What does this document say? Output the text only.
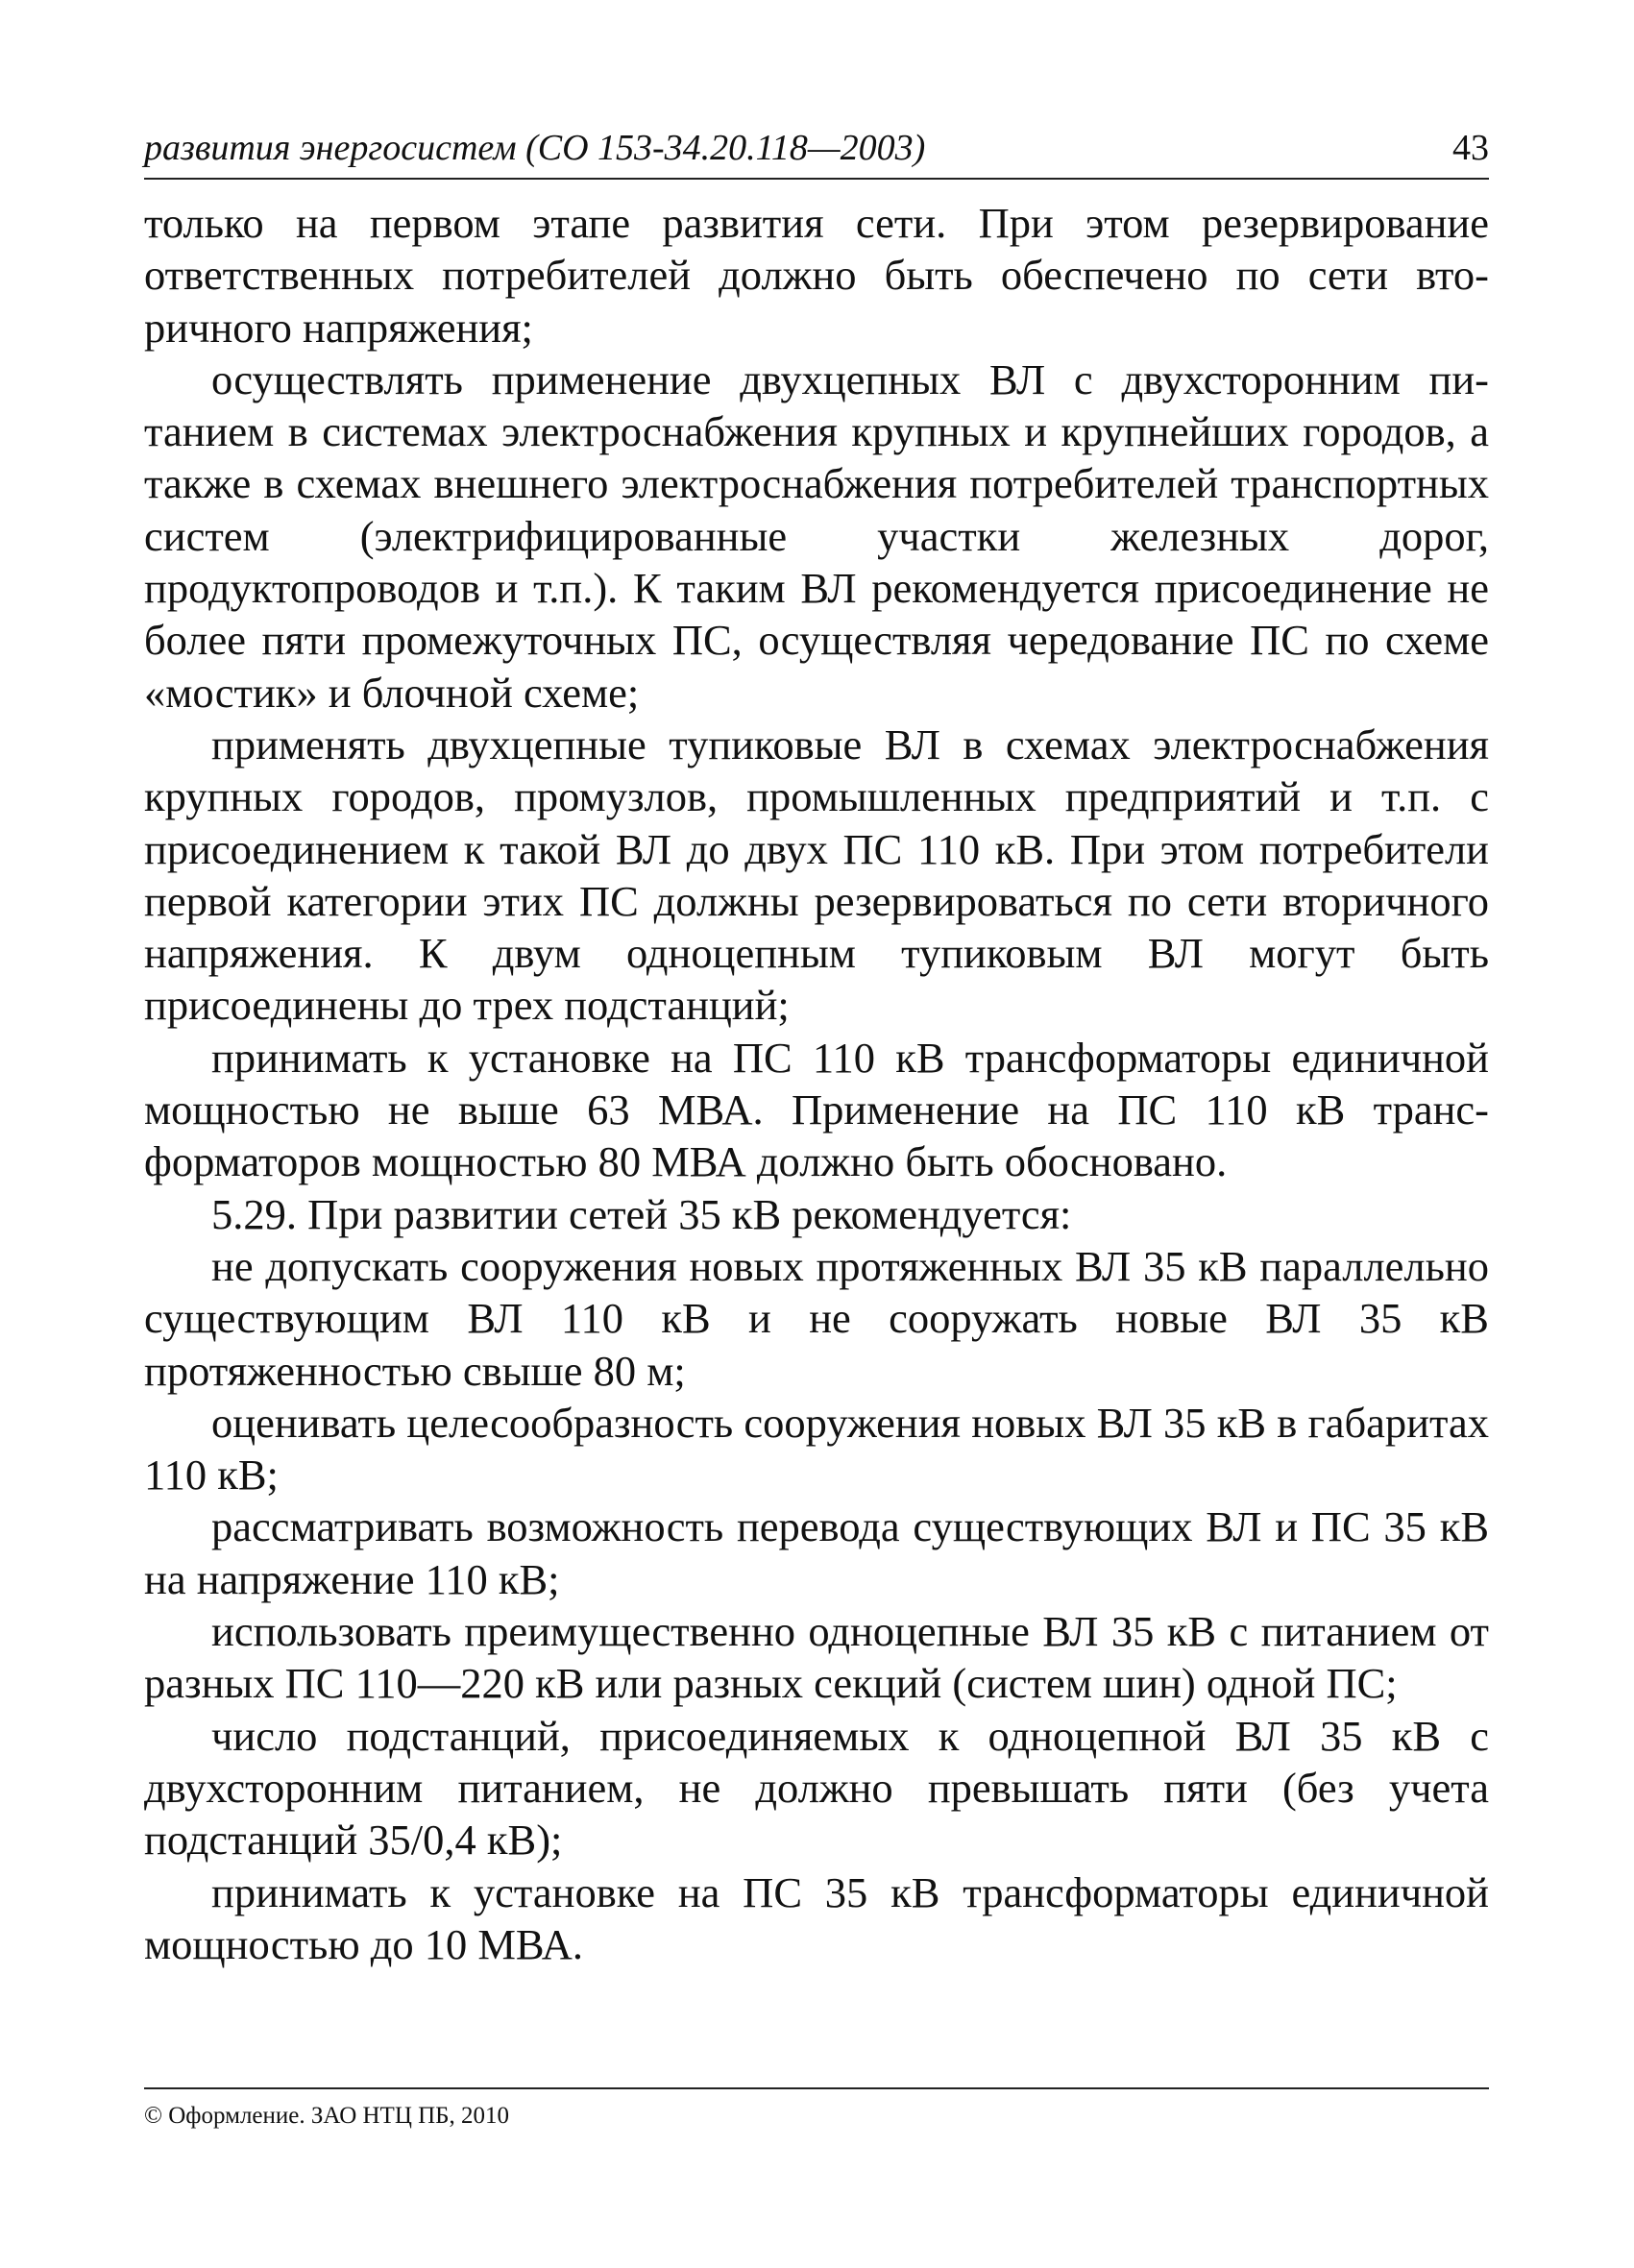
развития энергосистем (СО 153-34.20.118—2003)	43

только на первом этапе развития сети. При этом резервирование ответственных потребителей должно быть обеспечено по сети вторичного напряжения;

осуществлять применение двухцепных ВЛ с двухсторонним питанием в системах электроснабжения крупных и крупнейших городов, а также в схемах внешнего электроснабжения потребителей транспортных систем (электрифицированные участки железных дорог, продуктопроводов и т.п.). К таким ВЛ рекомендуется присоединение не более пяти промежуточных ПС, осуществляя чередование ПС по схеме «мостик» и блочной схеме;

применять двухцепные тупиковые ВЛ в схемах электроснабжения крупных городов, промузлов, промышленных предприятий и т.п. с присоединением к такой ВЛ до двух ПС 110 кВ. При этом потребители первой категории этих ПС должны резервироваться по сети вторичного напряжения. К двум одноцепным тупиковым ВЛ могут быть присоединены до трех подстанций;

принимать к установке на ПС 110 кВ трансформаторы единичной мощностью не выше 63 МВА. Применение на ПС 110 кВ трансформаторов мощностью 80 МВА должно быть обосновано.

5.29. При развитии сетей 35 кВ рекомендуется:

не допускать сооружения новых протяженных ВЛ 35 кВ параллельно существующим ВЛ 110 кВ и не сооружать новые ВЛ 35 кВ протяженностью свыше 80 м;

оценивать целесообразность сооружения новых ВЛ 35 кВ в габаритах 110 кВ;

рассматривать возможность перевода существующих ВЛ и ПС 35 кВ на напряжение 110 кВ;

использовать преимущественно одноцепные ВЛ 35 кВ с питанием от разных ПС 110—220 кВ или разных секций (систем шин) одной ПС;

число подстанций, присоединяемых к одноцепной ВЛ 35 кВ с двухсторонним питанием, не должно превышать пяти (без учета подстанций 35/0,4 кВ);

принимать к установке на ПС 35 кВ трансформаторы единичной мощностью до 10 МВА.

© Оформление. ЗАО НТЦ ПБ, 2010
